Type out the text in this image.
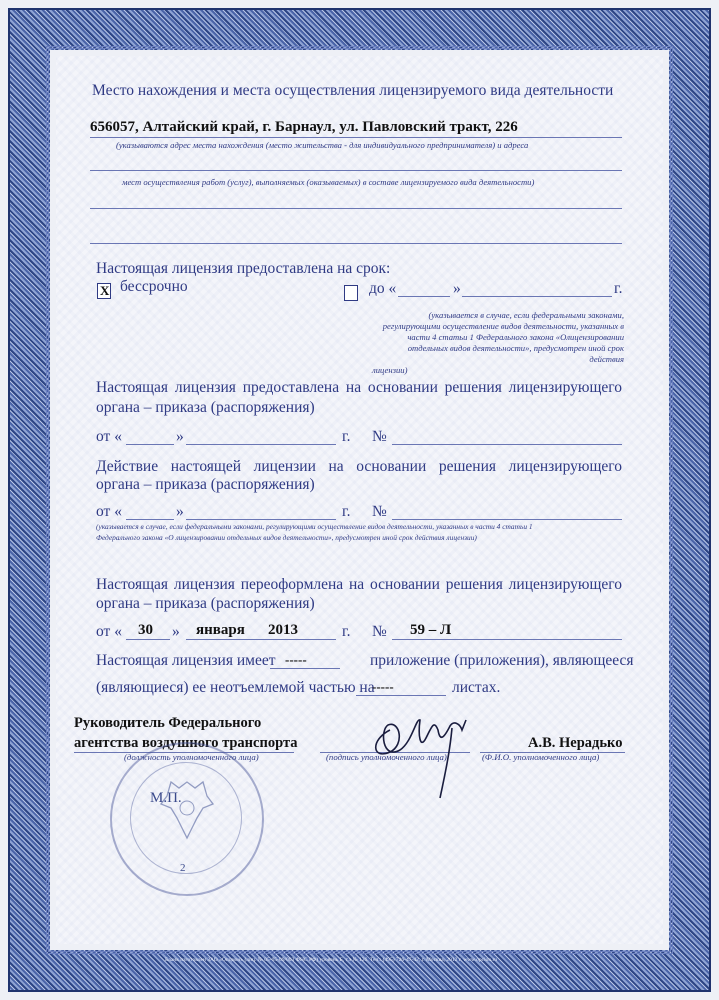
Место нахождения и места осуществления лицензируемого вида деятельности
656057, Алтайский край, г. Барнаул, ул. Павловский тракт, 226
(указываются адрес места нахождения (место жительства - для индивидуального предпринимателя) и адреса
мест осуществления работ (услуг), выполняемых (оказываемых) в составе лицензируемого вида деятельности)
Настоящая лицензия предоставлена на срок:
X бессрочно	до «	»	г.
(указывается в случае, если федеральными законами,
регулирующими осуществление видов деятельности, указанных в
части 4 статьи 1 Федерального закона «Олицензировании
отдельных видов деятельности», предусмотрен иной срок действия
лицензии)
Настоящая лицензия предоставлена на основании решения лицензирующего
органа – приказа (распоряжения)
от «	»	г. №
Действие настоящей лицензии на основании решения лицензирующего
органа – приказа (распоряжения)
от «	»	г. №
(указывается в случае, если федеральными законами, регулирующими осуществление видов деятельности, указанных в части 4 статьи 1
Федерального закона «О лицензировании отдельных видов деятельности», предусмотрен иной срок действия лицензии)
Настоящая лицензия переоформлена на основании решения лицензирующего
органа – приказа (распоряжения)
от « 30 » января 2013	г. № 59 – Л
Настоящая лицензия имеет -----	приложение (приложения), являющееся
(являющиеся) ее неотъемлемой частью на
-----	листах.
Руководитель Федерального
агентства воздушного транспорта	А.В. Нерадько
(должность уполномоченного лица)	(подпись уполномоченного лица)	(Ф.И.О. уполномоченного лица)
М.П.
2
Бланк изготовлен ЗАО «Опцион» (лиц. № 05-05-09/003 ФНС РФ) уровень Б, т.з № 126. Тел.: (495) 726-47-42, г. Москва, 2012 г. www.opcion.ru
